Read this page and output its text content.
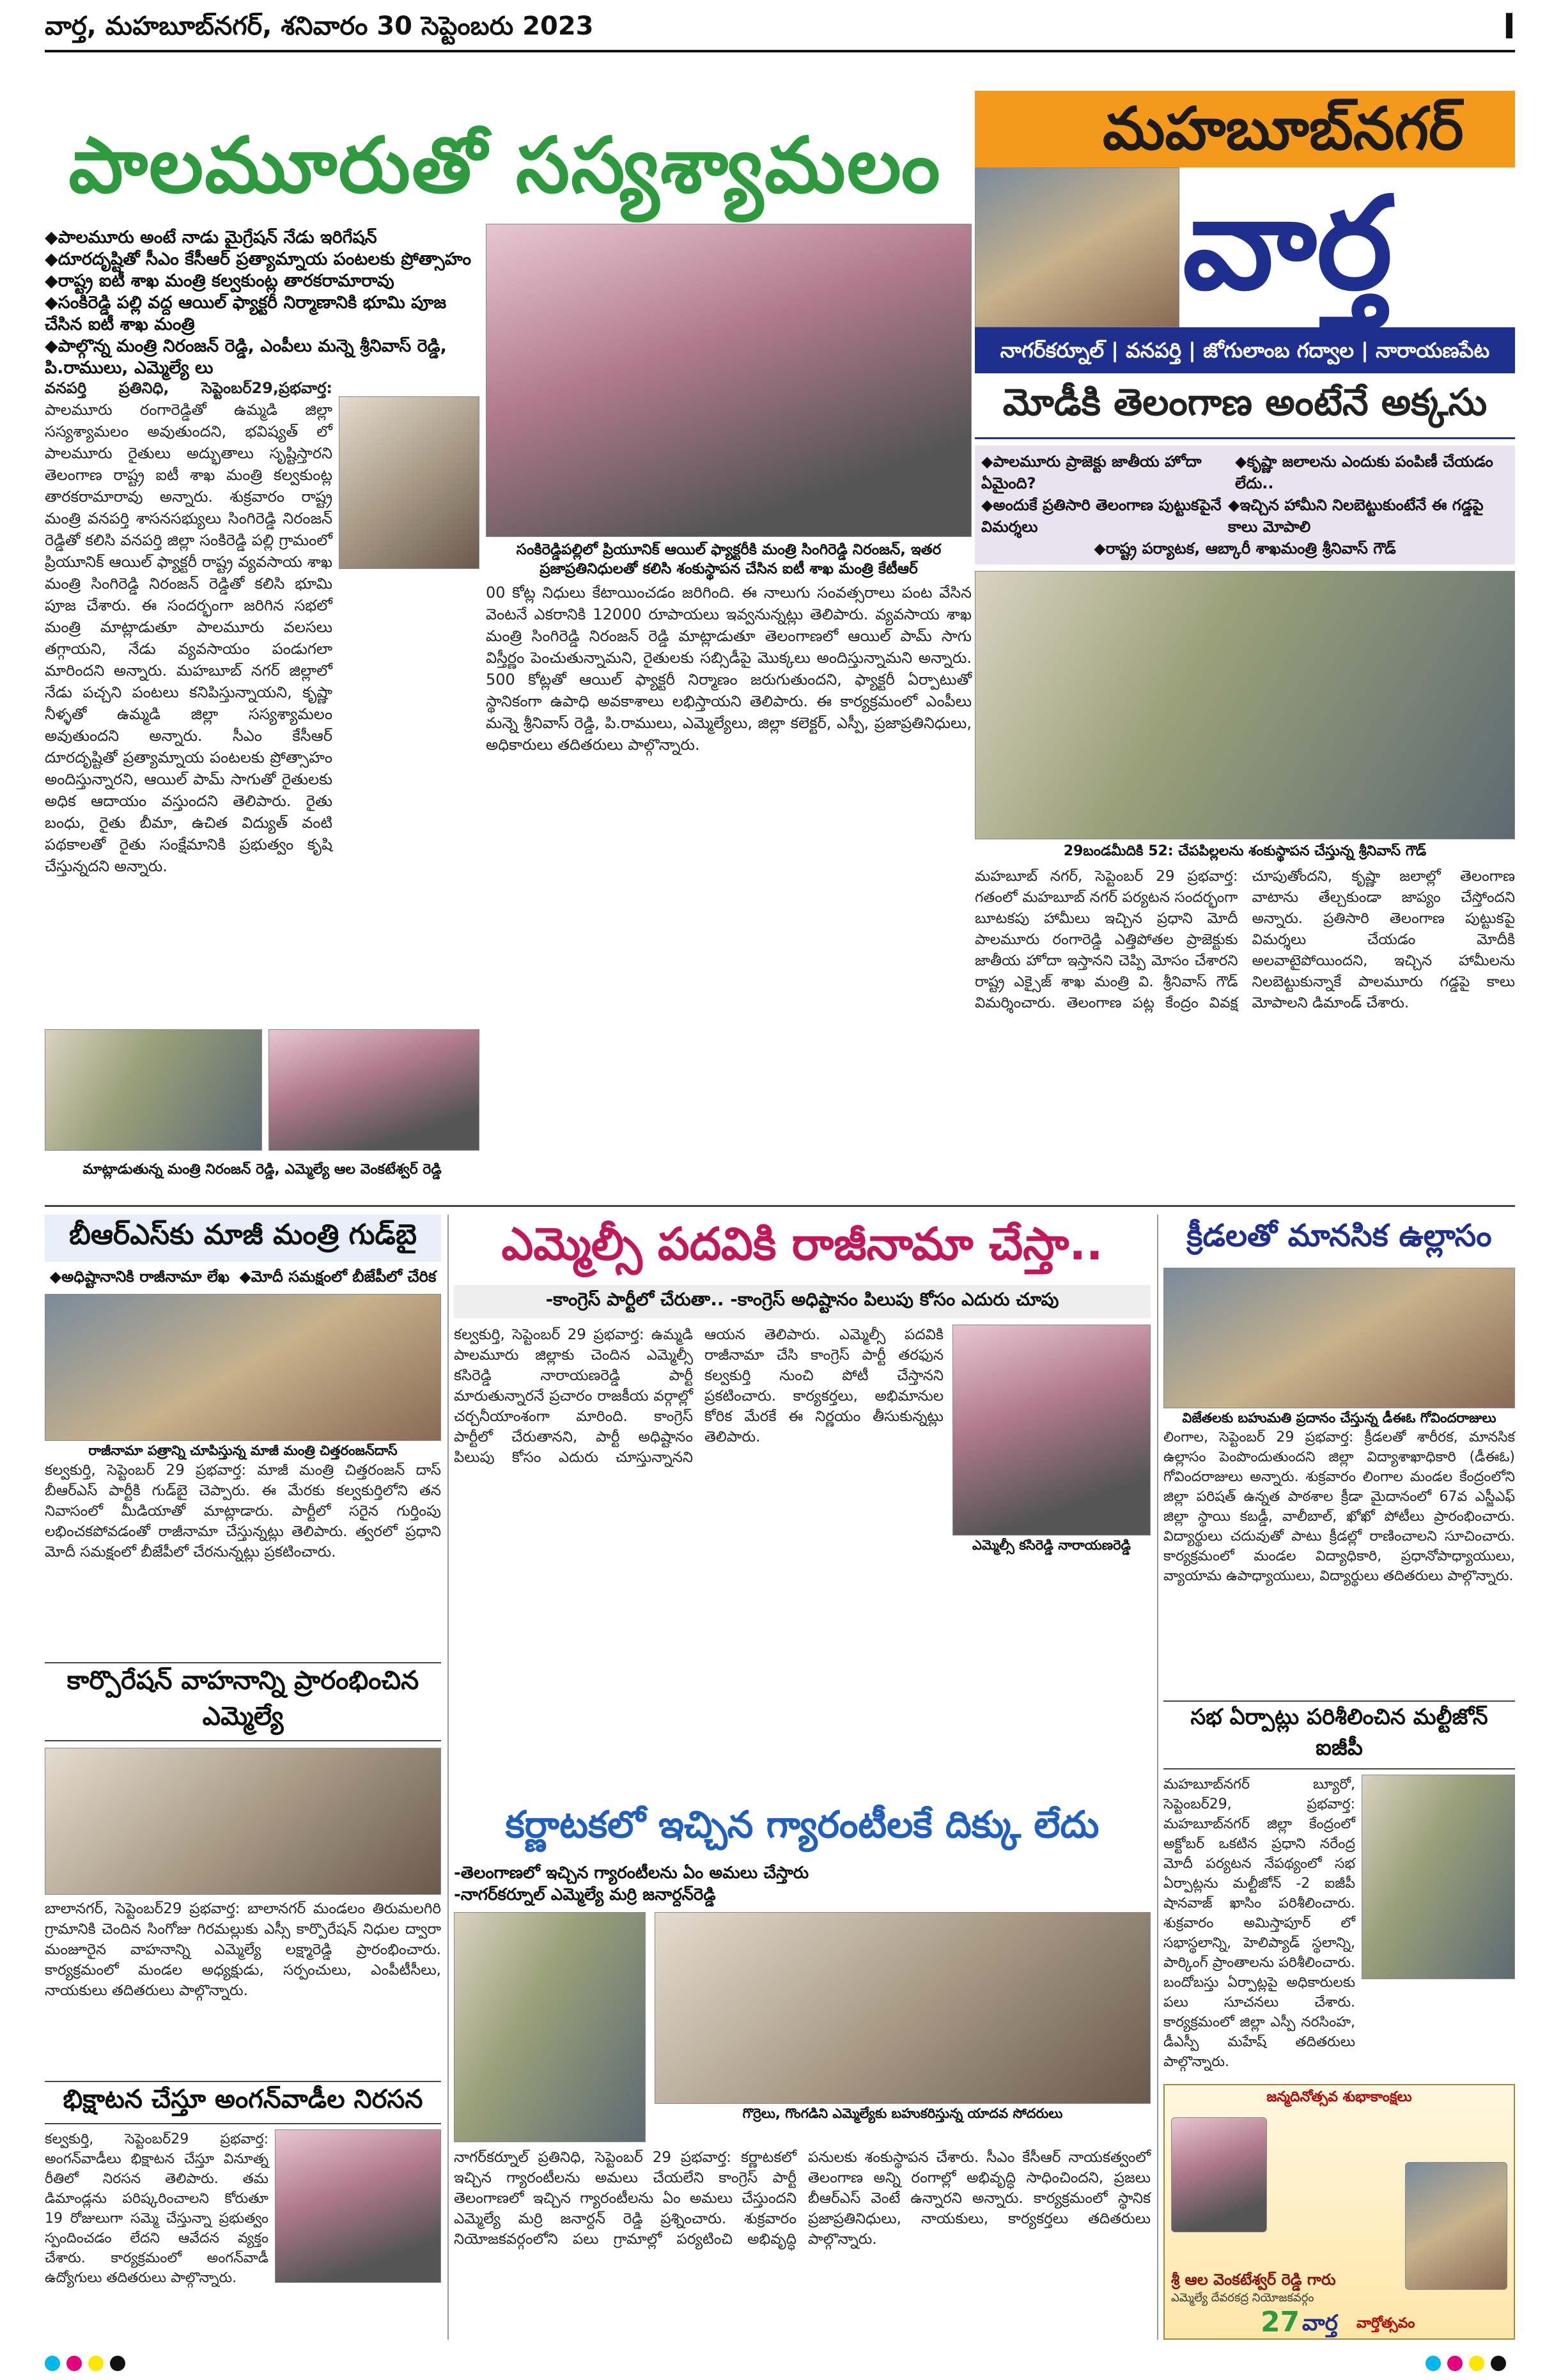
వార్త, మహబూబ్‌నగర్, శనివారం 30 సెప్టెంబరు 2023	I
పాలమూరుతో సస్యశ్యామలం	మహబూబ్‌నగర్
వార్త
నాగర్‌కర్నూల్ | వనపర్తి | జోగులాంబ గద్వాల | నారాయణపేట
◆పాలమూరు అంటే నాడు మైగ్రేషన్ నేడు ఇరిగేషన్
◆దూరదృష్టితో సీఎం కేసీఆర్ ప్రత్యామ్నాయ పంటలకు ప్రోత్సాహం
◆రాష్ట్ర ఐటీ శాఖ మంత్రి కల్వకుంట్ల తారకరామారావు
◆సంకిరెడ్డి పల్లి వద్ద ఆయిల్ ఫ్యాక్టరీ నిర్మాణానికి భూమి పూజ చేసిన ఐటీ శాఖ మంత్రి
◆పాల్గొన్న మంత్రి నిరంజన్ రెడ్డి, ఎంపీలు మన్నె శ్రీనివాస్ రెడ్డి, పి.రాములు, ఎమ్మెల్యే లు
సంకిరెడ్డిపల్లిలో ప్రియూనిక్ ఆయిల్ ఫ్యాక్టరీకి మంత్రి సింగిరెడ్డి నిరంజన్, ఇతర ప్రజాప్రతినిధులతో కలిసి శంకుస్థాపన చేసిన ఐటీ శాఖ మంత్రి కేటీఆర్
వనపర్తి ప్రతినిధి, సెప్టెంబర్29,ప్రభవార్త: పాలమూరు రంగారెడ్డితో ఉమ్మడి జిల్లా సస్యశ్యామలం అవుతుందని, భవిష్యత్ లో పాలమూరు రైతులు అద్భుతాలు సృష్టిస్తారని తెలంగాణ రాష్ట్ర ఐటీ శాఖ మంత్రి కల్వకుంట్ల తారకరామారావు అన్నారు. శుక్రవారం రాష్ట్ర మంత్రి వనపర్తి శాసనసభ్యులు సింగిరెడ్డి నిరంజన్ రెడ్డితో కలిసి వనపర్తి జిల్లా సంకిరెడ్డి పల్లి గ్రామంలో ప్రియూనిక్ ఆయిల్ ఫ్యాక్టరీ రాష్ట్ర వ్యవసాయ శాఖ మంత్రి సింగిరెడ్డి నిరంజన్ రెడ్డితో కలిసి భూమి పూజ చేశారు. ఈ సందర్భంగా జరిగిన సభలో మంత్రి మాట్లాడుతూ పాలమూరు వలసలు తగ్గాయని, నేడు వ్యవసాయం పండుగలా మారిందని అన్నారు. మహబూబ్ నగర్ జిల్లాలో నేడు పచ్చని పంటలు కనిపిస్తున్నాయని, కృష్ణా నీళ్ళతో ఉమ్మడి జిల్లా సస్యశ్యామలం అవుతుందని అన్నారు. సీఎం కేసీఆర్ దూరదృష్టితో ప్రత్యామ్నాయ పంటలకు ప్రోత్సాహం అందిస్తున్నారని, ఆయిల్ పామ్ సాగుతో రైతులకు అధిక ఆదాయం వస్తుందని తెలిపారు. రైతు బంధు, రైతు బీమా, ఉచిత విద్యుత్ వంటి పథకాలతో రైతు సంక్షేమానికి ప్రభుత్వం కృషి చేస్తున్నదని అన్నారు.
00 కోట్ల నిధులు కేటాయించడం జరిగింది. ఈ నాలుగు సంవత్సరాలు పంట వేసిన వెంటనే ఎకరానికి 12000 రూపాయలు ఇవ్వనున్నట్లు తెలిపారు. వ్యవసాయ శాఖ మంత్రి సింగిరెడ్డి నిరంజన్ రెడ్డి మాట్లాడుతూ తెలంగాణలో ఆయిల్ పామ్ సాగు విస్తీర్ణం పెంచుతున్నామని, రైతులకు సబ్సిడీపై మొక్కలు అందిస్తున్నామని అన్నారు. 500 కోట్లతో ఆయిల్ ఫ్యాక్టరీ నిర్మాణం జరుగుతుందని, ఫ్యాక్టరీ ఏర్పాటుతో స్థానికంగా ఉపాధి అవకాశాలు లభిస్తాయని తెలిపారు. ఈ కార్యక్రమంలో ఎంపీలు మన్నె శ్రీనివాస్ రెడ్డి, పి.రాములు, ఎమ్మెల్యేలు, జిల్లా కలెక్టర్, ఎస్పీ, ప్రజాప్రతినిధులు, అధికారులు తదితరులు పాల్గొన్నారు.
మాట్లాడుతున్న మంత్రి నిరంజన్ రెడ్డి, ఎమ్మెల్యే ఆల వెంకటేశ్వర్ రెడ్డి
మోడీకి తెలంగాణ అంటేనే అక్కసు
◆పాలమూరు ప్రాజెక్టు జాతీయ హోదా ఏమైంది?
◆కృష్ణా జలాలను ఎందుకు పంపిణీ చేయడం లేదు..
◆అందుకే ప్రతిసారి తెలంగాణ పుట్టుకపైనే విమర్శలు
◆ఇచ్చిన హామీని నిలబెట్టుకుంటేనే ఈ గడ్డపై కాలు మోపాలి
◆రాష్ట్ర పర్యాటక, ఆబ్కారీ శాఖమంత్రి శ్రీనివాస్ గౌడ్
29బండమీదికి 52: చేపపిల్లలను శంకుస్థాపన చేస్తున్న శ్రీనివాస్ గౌడ్
మహబూబ్ నగర్, సెప్టెంబర్ 29 ప్రభవార్త: గతంలో మహబూబ్ నగర్ పర్యటన సందర్భంగా బూటకపు హామీలు ఇచ్చిన ప్రధాని మోదీ పాలమూరు రంగారెడ్డి ఎత్తిపోతల ప్రాజెక్టుకు జాతీయ హోదా ఇస్తానని చెప్పి మోసం చేశారని రాష్ట్ర ఎక్సైజ్ శాఖ మంత్రి వి. శ్రీనివాస్ గౌడ్ విమర్శించారు. తెలంగాణ పట్ల కేంద్రం వివక్ష చూపుతోందని, కృష్ణా జలాల్లో తెలంగాణ వాటాను తేల్చకుండా జాప్యం చేస్తోందని అన్నారు. ప్రతిసారి తెలంగాణ పుట్టుకపై విమర్శలు చేయడం మోదీకి అలవాటైపోయిందని, ఇచ్చిన హామీలను నిలబెట్టుకున్నాకే పాలమూరు గడ్డపై కాలు మోపాలని డిమాండ్ చేశారు.
బీఆర్ఎస్‌కు మాజీ మంత్రి గుడ్‌బై
◆అధిష్టానానికి రాజీనామా లేఖ ◆మోదీ సమక్షంలో బీజేపీలో చేరిక
రాజీనామా పత్రాన్ని చూపిస్తున్న మాజీ మంత్రి చిత్తరంజన్‌దాస్
కల్వకుర్తి, సెప్టెంబర్ 29 ప్రభవార్త: మాజీ మంత్రి చిత్తరంజన్ దాస్ బీఆర్ఎస్ పార్టీకి గుడ్‌బై చెప్పారు. ఈ మేరకు కల్వకుర్తిలోని తన నివాసంలో మీడియాతో మాట్లాడారు. పార్టీలో సరైన గుర్తింపు లభించకపోవడంతో రాజీనామా చేస్తున్నట్లు తెలిపారు. త్వరలో ప్రధాని మోదీ సమక్షంలో బీజేపీలో చేరనున్నట్లు ప్రకటించారు.
కార్పొరేషన్ వాహనాన్ని ప్రారంభించిన ఎమ్మెల్యే
బాలానగర్, సెప్టెంబర్29 ప్రభవార్త: బాలానగర్ మండలం తిరుమలగిరి గ్రామానికి చెందిన సింగోజు గిరమల్లుకు ఎస్సీ కార్పొరేషన్ నిధుల ద్వారా మంజూరైన వాహనాన్ని ఎమ్మెల్యే లక్ష్మారెడ్డి ప్రారంభించారు. కార్యక్రమంలో మండల అధ్యక్షుడు, సర్పంచులు, ఎంపీటీసీలు, నాయకులు తదితరులు పాల్గొన్నారు.
భిక్షాటన చేస్తూ అంగన్‌వాడీల నిరసన
కల్వకుర్తి, సెప్టెంబర్29 ప్రభవార్త: అంగన్‌వాడీలు భిక్షాటన చేస్తూ వినూత్న రీతిలో నిరసన తెలిపారు. తమ డిమాండ్లను పరిష్కరించాలని కోరుతూ 19 రోజులుగా సమ్మె చేస్తున్నా ప్రభుత్వం స్పందించడం లేదని ఆవేదన వ్యక్తం చేశారు. కార్యక్రమంలో అంగన్‌వాడీ ఉద్యోగులు తదితరులు పాల్గొన్నారు.
ఎమ్మెల్సీ పదవికి రాజీనామా చేస్తా..
-కాంగ్రెస్ పార్టీలో చేరుతా.. -కాంగ్రెస్ అధిష్టానం పిలుపు కోసం ఎదురు చూపు
కల్వకుర్తి, సెప్టెంబర్ 29 ప్రభవార్త: ఉమ్మడి పాలమూరు జిల్లాకు చెందిన ఎమ్మెల్సీ కసిరెడ్డి నారాయణరెడ్డి పార్టీ మారుతున్నారనే ప్రచారం రాజకీయ వర్గాల్లో చర్చనీయాంశంగా మారింది. కాంగ్రెస్ పార్టీలో చేరుతానని, పార్టీ అధిష్టానం పిలుపు కోసం ఎదురు చూస్తున్నానని ఆయన తెలిపారు. ఎమ్మెల్సీ పదవికి రాజీనామా చేసి కాంగ్రెస్ పార్టీ తరఫున కల్వకుర్తి నుంచి పోటీ చేస్తానని ప్రకటించారు. కార్యకర్తలు, అభిమానుల కోరిక మేరకే ఈ నిర్ణయం తీసుకున్నట్లు తెలిపారు.
ఎమ్మెల్సీ కసిరెడ్డి నారాయణరెడ్డి
కర్ణాటకలో ఇచ్చిన గ్యారంటీలకే దిక్కు లేదు
-తెలంగాణలో ఇచ్చిన గ్యారంటీలను ఏం అమలు చేస్తారు
-నాగర్‌కర్నూల్ ఎమ్మెల్యే మర్రి జనార్దన్‌రెడ్డి
గొర్రెలు, గొంగడిని ఎమ్మెల్యేకు బహుకరిస్తున్న యాదవ సోదరులు
నాగర్‌కర్నూల్ ప్రతినిధి, సెప్టెంబర్ 29 ప్రభవార్త: కర్ణాటకలో ఇచ్చిన గ్యారంటీలను అమలు చేయలేని కాంగ్రెస్ పార్టీ తెలంగాణలో ఇచ్చిన గ్యారంటీలను ఏం అమలు చేస్తుందని ఎమ్మెల్యే మర్రి జనార్దన్ రెడ్డి ప్రశ్నించారు. శుక్రవారం నియోజకవర్గంలోని పలు గ్రామాల్లో పర్యటించి అభివృద్ధి పనులకు శంకుస్థాపన చేశారు. సీఎం కేసీఆర్ నాయకత్వంలో తెలంగాణ అన్ని రంగాల్లో అభివృద్ధి సాధించిందని, ప్రజలు బీఆర్ఎస్ వెంటే ఉన్నారని అన్నారు. కార్యక్రమంలో స్థానిక ప్రజాప్రతినిధులు, నాయకులు, కార్యకర్తలు తదితరులు పాల్గొన్నారు.
క్రీడలతో మానసిక ఉల్లాసం
విజేతలకు బహుమతి ప్రదానం చేస్తున్న డీఈఓ గోవిందరాజులు
లింగాల, సెప్టెంబర్ 29 ప్రభవార్త: క్రీడలతో శారీరక, మానసిక ఉల్లాసం పెంపొందుతుందని జిల్లా విద్యాశాఖాధికారి (డీఈఓ) గోవిందరాజులు అన్నారు. శుక్రవారం లింగాల మండల కేంద్రంలోని జిల్లా పరిషత్ ఉన్నత పాఠశాల క్రీడా మైదానంలో 67వ ఎస్జీఎఫ్ జిల్లా స్థాయి కబడ్డీ, వాలీబాల్, ఖోఖో పోటీలు ప్రారంభించారు. విద్యార్థులు చదువుతో పాటు క్రీడల్లో రాణించాలని సూచించారు. కార్యక్రమంలో మండల విద్యాధికారి, ప్రధానోపాధ్యాయులు, వ్యాయామ ఉపాధ్యాయులు, విద్యార్థులు తదితరులు పాల్గొన్నారు.
సభ ఏర్పాట్లు పరిశీలించిన మల్టీజోన్ ఐజీపీ
మహబూబ్‌నగర్ బ్యూరో, సెప్టెంబర్29, ప్రభవార్త: మహబూబ్‌నగర్ జిల్లా కేంద్రంలో అక్టోబర్ ఒకటిన ప్రధాని నరేంద్ర మోదీ పర్యటన నేపథ్యంలో సభ ఏర్పాట్లను మల్టీజోన్ -2 ఐజీపీ షానవాజ్ ఖాసిం పరిశీలించారు. శుక్రవారం అమిస్తాపూర్ లో సభాస్థలాన్ని, హెలిప్యాడ్ స్థలాన్ని, పార్కింగ్ ప్రాంతాలను పరిశీలించారు. బందోబస్తు ఏర్పాట్లపై అధికారులకు పలు సూచనలు చేశారు. కార్యక్రమంలో జిల్లా ఎస్పీ నరసింహ, డీఎస్పీ మహేష్ తదితరులు పాల్గొన్నారు.
జన్మదినోత్సవ శుభాకాంక్షలు
శ్రీ ఆల వెంకటేశ్వర్ రెడ్డి గారు
ఎమ్మెల్యే దేవరకద్ర నియోజకవర్గం
27 వార్త వార్తోత్సవం
